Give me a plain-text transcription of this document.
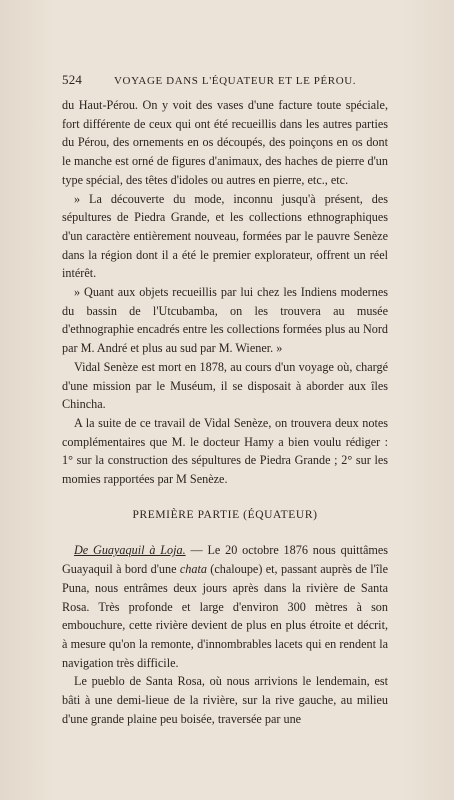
524	VOYAGE DANS L'ÉQUATEUR ET LE PÉROU.

du Haut-Pérou. On y voit des vases d'une facture toute spéciale, fort différente de ceux qui ont été recueillis dans les autres parties du Pérou, des ornements en os découpés, des poinçons en os dont le manche est orné de figures d'animaux, des haches de pierre d'un type spécial, des têtes d'idoles ou autres en pierre, etc., etc.

» La découverte du mode, inconnu jusqu'à présent, des sépultures de Piedra Grande, et les collections ethnographiques d'un caractère entièrement nouveau, formées par le pauvre Senèze dans la région dont il a été le premier explorateur, offrent un réel intérêt.

» Quant aux objets recueillis par lui chez les Indiens modernes du bassin de l'Utcubamba, on les trouvera au musée d'ethnographie encadrés entre les collections formées plus au Nord par M. André et plus au sud par M. Wiener. »

Vidal Senèze est mort en 1878, au cours d'un voyage où, chargé d'une mission par le Muséum, il se disposait à aborder aux îles Chincha.

A la suite de ce travail de Vidal Senèze, on trouvera deux notes complémentaires que M. le docteur Hamy a bien voulu rédiger : 1° sur la construction des sépultures de Piedra Grande ; 2° sur les momies rapportées par M Senèze.

PREMIÈRE PARTIE (ÉQUATEUR)

De Guayaquil à Loja. — Le 20 octobre 1876 nous quittâmes Guayaquil à bord d'une chata (chaloupe) et, passant auprès de l'île Puna, nous entrâmes deux jours après dans la rivière de Santa Rosa. Très profonde et large d'environ 300 mètres à son embouchure, cette rivière devient de plus en plus étroite et décrit, à mesure qu'on la remonte, d'innombrables lacets qui en rendent la navigation très difficile.

Le pueblo de Santa Rosa, où nous arrivions le lendemain, est bâti à une demi-lieue de la rivière, sur la rive gauche, au milieu d'une grande plaine peu boisée, traversée par une
